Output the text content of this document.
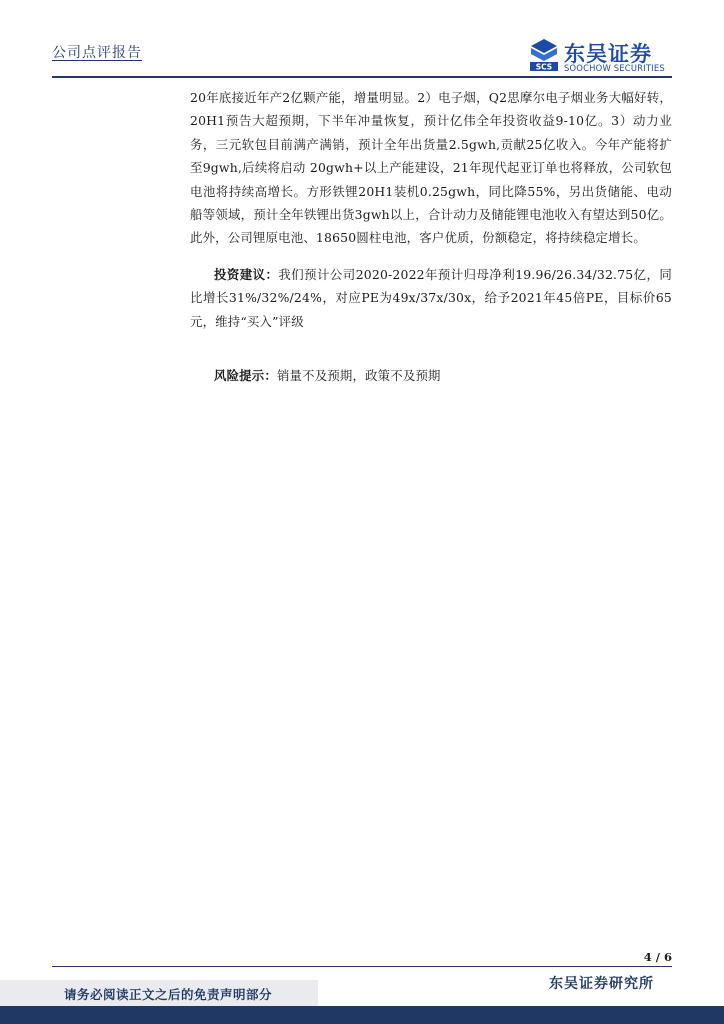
公司点评报告
SCS
东吴证券
SOOCHOW SECURITIES

20年底接近年产2亿颗产能，增量明显。2）电子烟，Q2思摩尔电子烟业务大幅好转，20H1预告大超预期，下半年冲量恢复，预计亿伟全年投资收益9-10亿。3）动力业务，三元软包目前满产满销，预计全年出货量2.5gwh,贡献25亿收入。今年产能将扩至9gwh,后续将启动 20gwh+以上产能建设，21年现代起亚订单也将释放，公司软包电池将持续高增长。方形铁锂20H1装机0.25gwh，同比降55%，另出货储能、电动船等领域，预计全年铁锂出货3gwh以上，合计动力及储能锂电池收入有望达到50亿。此外，公司锂原电池、18650圆柱电池，客户优质，份额稳定，将持续稳定增长。

投资建议：我们预计公司2020-2022年预计归母净利19.96/26.34/32.75亿，同比增长31%/32%/24%，对应PE为49x/37x/30x，给予2021年45倍PE，目标价65元，维持“买入”评级

风险提示：销量不及预期，政策不及预期

4 / 6
请务必阅读正文之后的免责声明部分
东吴证券研究所
